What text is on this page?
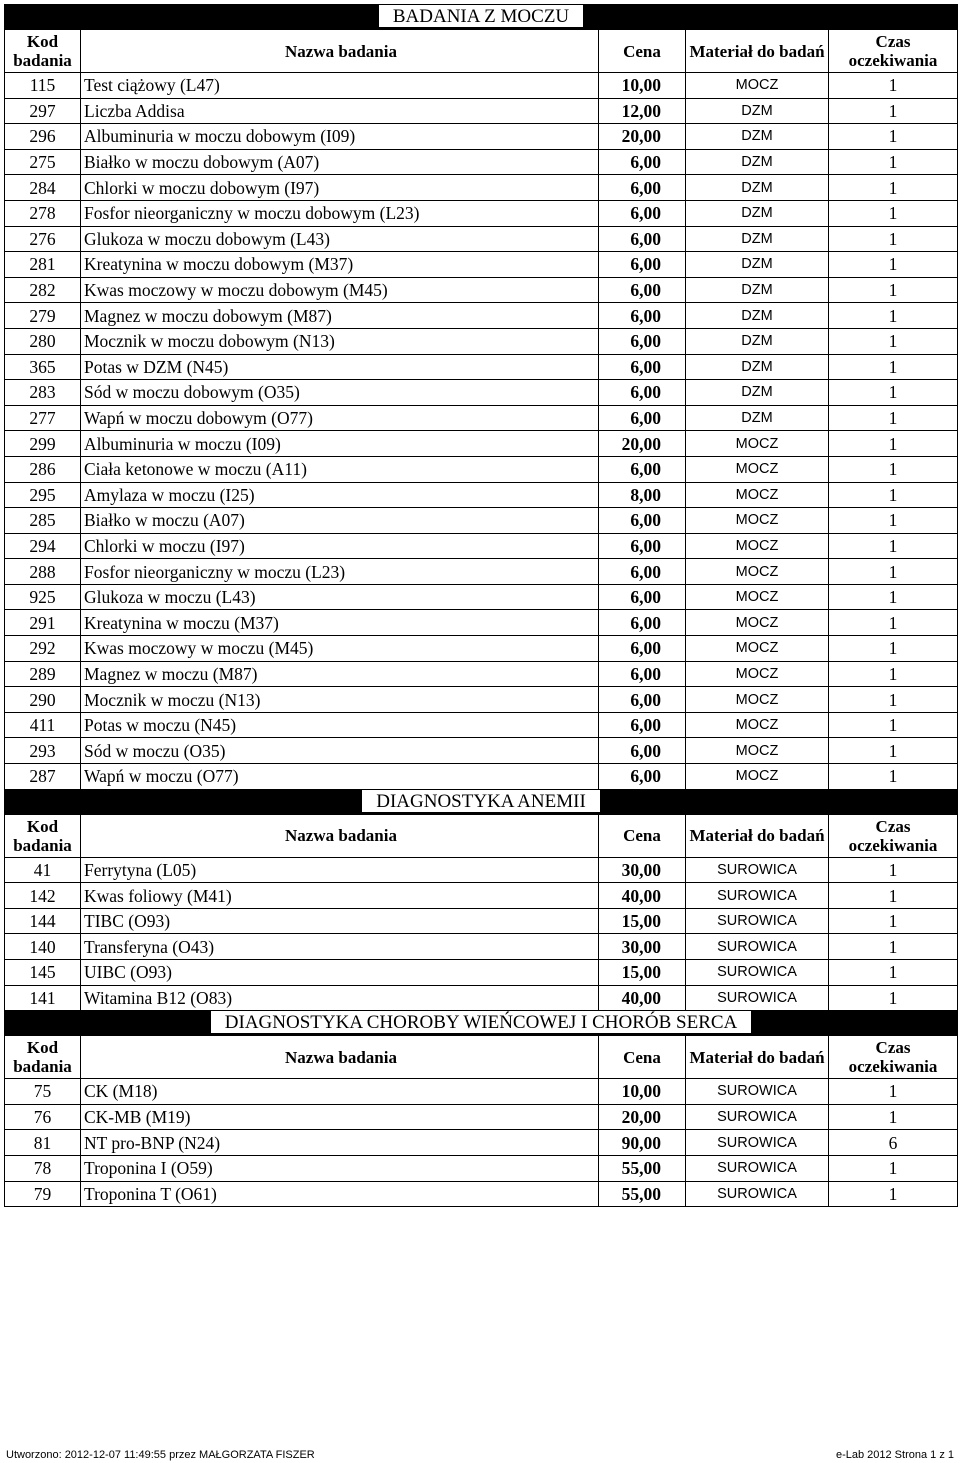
BADANIA Z MOCZU				

Kod
badania	Nazwa badania	Cena	Materiał do badań	Czas
oczekiwania
115	Test ciążowy (L47)	10,00	MOCZ	1
297	Liczba Addisa	12,00	DZM	1
296	Albuminuria w moczu dobowym (I09)	20,00	DZM	1
275	Białko w moczu dobowym (A07)	6,00	DZM	1
284	Chlorki w moczu dobowym (I97)	6,00	DZM	1
278	Fosfor nieorganiczny w moczu dobowym (L23)	6,00	DZM	1
276	Glukoza w moczu dobowym (L43)	6,00	DZM	1
281	Kreatynina w moczu dobowym (M37)	6,00	DZM	1
282	Kwas moczowy w moczu dobowym (M45)	6,00	DZM	1
279	Magnez w moczu dobowym (M87)	6,00	DZM	1
280	Mocznik w moczu dobowym (N13)	6,00	DZM	1
365	Potas w DZM (N45)	6,00	DZM	1
283	Sód w moczu dobowym (O35)	6,00	DZM	1
277	Wapń w moczu dobowym (O77)	6,00	DZM	1
299	Albuminuria w moczu (I09)	20,00	MOCZ	1
286	Ciała ketonowe w moczu (A11)	6,00	MOCZ	1
295	Amylaza w moczu (I25)	8,00	MOCZ	1
285	Białko w moczu (A07)	6,00	MOCZ	1
294	Chlorki w moczu (I97)	6,00	MOCZ	1
288	Fosfor nieorganiczny w moczu (L23)	6,00	MOCZ	1
925	Glukoza w moczu (L43)	6,00	MOCZ	1
291	Kreatynina w moczu (M37)	6,00	MOCZ	1
292	Kwas moczowy w moczu (M45)	6,00	MOCZ	1
289	Magnez w moczu (M87)	6,00	MOCZ	1
290	Mocznik w moczu (N13)	6,00	MOCZ	1
411	Potas w moczu (N45)	6,00	MOCZ	1
293	Sód w moczu (O35)	6,00	MOCZ	1
287	Wapń w moczu (O77)	6,00	MOCZ	1

DIAGNOSTYKA ANEMII				

Kod
badania	Nazwa badania	Cena	Materiał do badań	Czas
oczekiwania
41	Ferrytyna (L05)	30,00	SUROWICA	1
142	Kwas foliowy (M41)	40,00	SUROWICA	1
144	TIBC (O93)	15,00	SUROWICA	1
140	Transferyna (O43)	30,00	SUROWICA	1
145	UIBC (O93)	15,00	SUROWICA	1
141	Witamina B12 (O83)	40,00	SUROWICA	1

DIAGNOSTYKA CHOROBY WIEŃCOWEJ I CHORÓB SERCA				

Kod
badania	Nazwa badania	Cena	Materiał do badań	Czas
oczekiwania
75	CK (M18)	10,00	SUROWICA	1
76	CK-MB (M19)	20,00	SUROWICA	1
81	NT pro-BNP (N24)	90,00	SUROWICA	6
78	Troponina I (O59)	55,00	SUROWICA	1
79	Troponina T (O61)	55,00	SUROWICA	1
Utworzono: 2012-12-07 11:49:55 przez MAŁGORZATA FISZER	e-Lab 2012 Strona 1 z 1
